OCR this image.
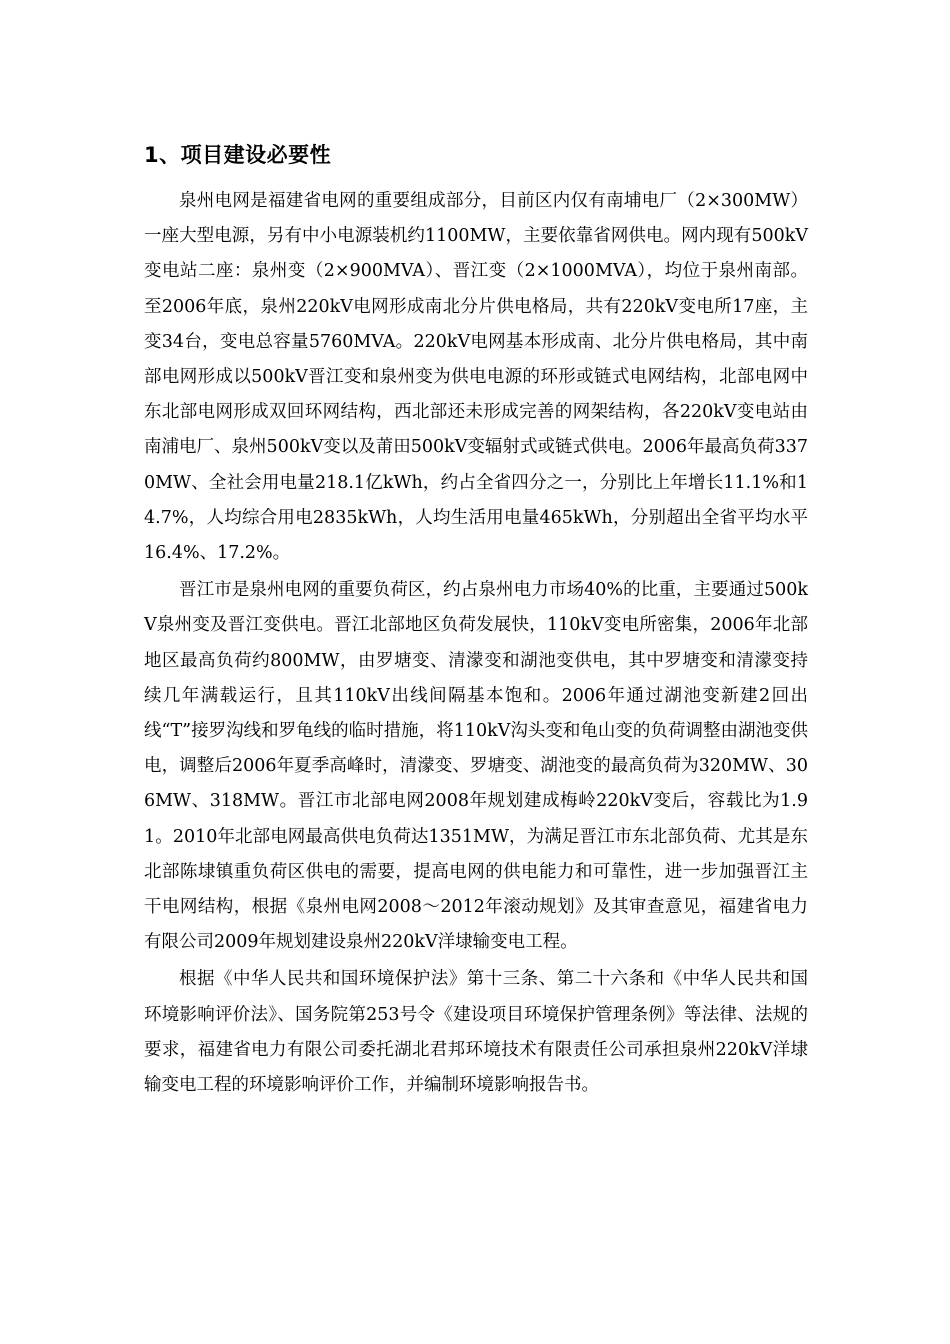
1、项目建设必要性

泉州电网是福建省电网的重要组成部分，目前区内仅有南埔电厂（2×300MW）一座大型电源，另有中小电源装机约1100MW，主要依靠省网供电。网内现有500kV变电站二座：泉州变（2×900MVA）、晋江变（2×1000MVA），均位于泉州南部。至2006年底，泉州220kV电网形成南北分片供电格局，共有220kV变电所17座，主变34台，变电总容量5760MVA。220kV电网基本形成南、北分片供电格局，其中南部电网形成以500kV晋江变和泉州变为供电电源的环形或链式电网结构，北部电网中东北部电网形成双回环网结构，西北部还未形成完善的网架结构，各220kV变电站由南浦电厂、泉州500kV变以及莆田500kV变辐射式或链式供电。2006年最高负荷3370MW、全社会用电量218.1亿kWh，约占全省四分之一，分别比上年增长11.1%和14.7%，人均综合用电2835kWh，人均生活用电量465kWh，分别超出全省平均水平16.4%、17.2%。

晋江市是泉州电网的重要负荷区，约占泉州电力市场40%的比重，主要通过500kV泉州变及晋江变供电。晋江北部地区负荷发展快，110kV变电所密集，2006年北部地区最高负荷约800MW，由罗塘变、清濛变和湖池变供电，其中罗塘变和清濛变持续几年满载运行，且其110kV出线间隔基本饱和。2006年通过湖池变新建2回出线“T”接罗沟线和罗龟线的临时措施，将110kV沟头变和龟山变的负荷调整由湖池变供电，调整后2006年夏季高峰时，清濛变、罗塘变、湖池变的最高负荷为320MW、306MW、318MW。晋江市北部电网2008年规划建成梅岭220kV变后，容载比为1.91。2010年北部电网最高供电负荷达1351MW，为满足晋江市东北部负荷、尤其是东北部陈埭镇重负荷区供电的需要，提高电网的供电能力和可靠性，进一步加强晋江主干电网结构，根据《泉州电网2008～2012年滚动规划》及其审查意见，福建省电力有限公司2009年规划建设泉州220kV洋埭输变电工程。

根据《中华人民共和国环境保护法》第十三条、第二十六条和《中华人民共和国环境影响评价法》、国务院第253号令《建设项目环境保护管理条例》等法律、法规的要求，福建省电力有限公司委托湖北君邦环境技术有限责任公司承担泉州220kV洋埭输变电工程的环境影响评价工作，并编制环境影响报告书。
